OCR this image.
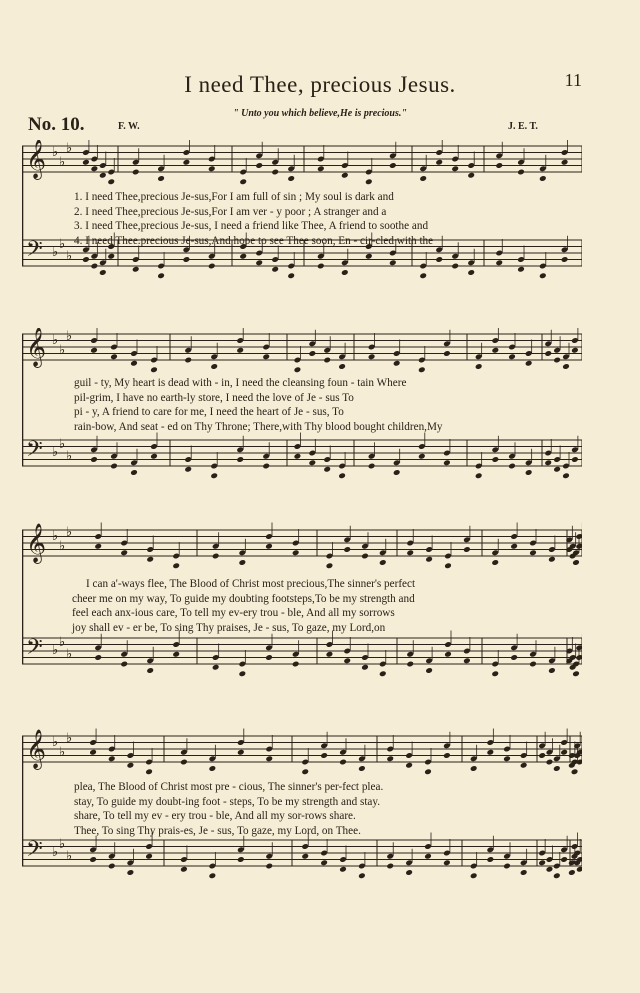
I need Thee, precious Jesus.	11
No. 10.
" Unto you which believe,He is precious."
F. W.	J. E. T.
𝄞 ♭
♭
♭
𝄢 ♭
♭
♭
1. I need Thee,precious Je-sus,For I am full of sin ; My soul is dark and
2. I need Thee,precious Je-sus,For I am ver - y poor ; A stranger and a
3. I need Thee,precious Je-sus, I need a friend like Thee, A friend to soothe and
4. I need Thee.precious Je-sus,And hope to see Thee soon, En - cir-cled with the
𝄞 ♭
♭
♭
𝄢 ♭
♭
♭
guil - ty, My heart is dead with - in, I need the cleansing foun - tain Where
pil-grim, I have no earth-ly store, I need the love of Je - sus To
pi - y, A friend to care for me, I need the heart of Je - sus, To
rain-bow, And seat - ed on Thy Throne; There,with Thy blood bought children,My
𝄞 ♭
♭
♭
𝄢 ♭
♭
♭
I can a'-ways flee, The Blood of Christ most precious,The sinner's perfect
cheer me on my way, To guide my doubting footsteps,To be my strength and
feel each anx-ious care, To tell my ev-ery trou - ble, And all my sorrows
joy shall ev - er be, To sing Thy praises, Je - sus, To gaze, my Lord,on
𝄞 ♭
♭
♭
𝄢 ♭
♭
♭
plea, The Blood of Christ most pre - cious, The sinner's per-fect plea.
stay, To guide my doubt-ing foot - steps, To be my strength and stay.
share, To tell my ev - ery trou - ble, And all my sor-rows share.
Thee, To sing Thy prais-es, Je - sus, To gaze, my Lord, on Thee.
